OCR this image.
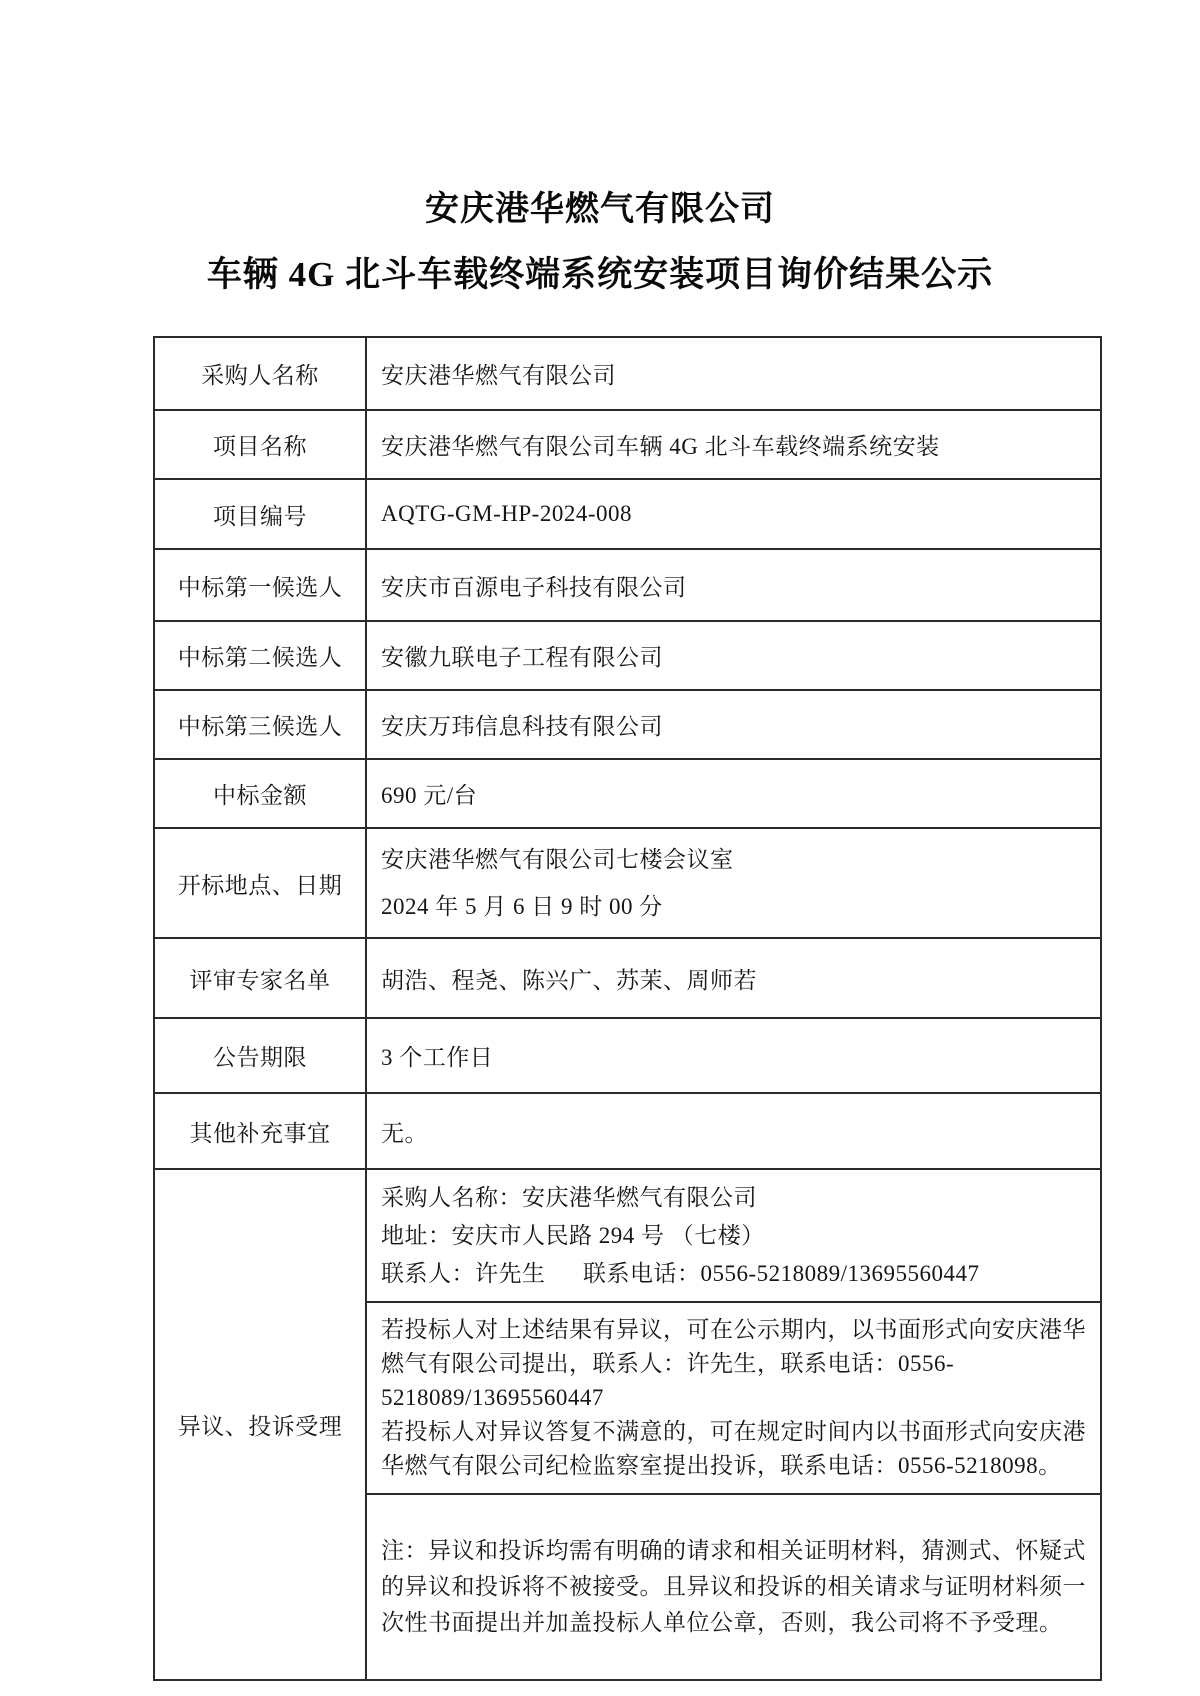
安庆港华燃气有限公司
车辆 4G 北斗车载终端系统安装项目询价结果公示
采购人名称	安庆港华燃气有限公司
项目名称	安庆港华燃气有限公司车辆 4G 北斗车载终端系统安装
项目编号	AQTG-GM-HP-2024-008
中标第一候选人	安庆市百源电子科技有限公司
中标第二候选人	安徽九联电子工程有限公司
中标第三候选人	安庆万玮信息科技有限公司
中标金额	690 元/台
开标地点、日期	安庆港华燃气有限公司七楼会议室
2024 年 5 月 6 日 9 时 00 分

评审专家名单	胡浩、程尧、陈兴广、苏茉、周师若
公告期限	3 个工作日
其他补充事宜	无。
异议、投诉受理	采购人名称：安庆港华燃气有限公司
地址：安庆市人民路 294 号 （七楼）
联系人：许先生      联系电话：0556-5218089/13695560447

	若投标人对上述结果有异议，可在公示期内，以书面形式向安庆港华燃气有限公司提出，联系人：许先生，联系电话：0556-5218089/13695560447
若投标人对异议答复不满意的，可在规定时间内以书面形式向安庆港华燃气有限公司纪检监察室提出投诉，联系电话：0556-5218098。

	注：异议和投诉均需有明确的请求和相关证明材料，猜测式、怀疑式的异议和投诉将不被接受。且异议和投诉的相关请求与证明材料须一次性书面提出并加盖投标人单位公章，否则，我公司将不予受理。
